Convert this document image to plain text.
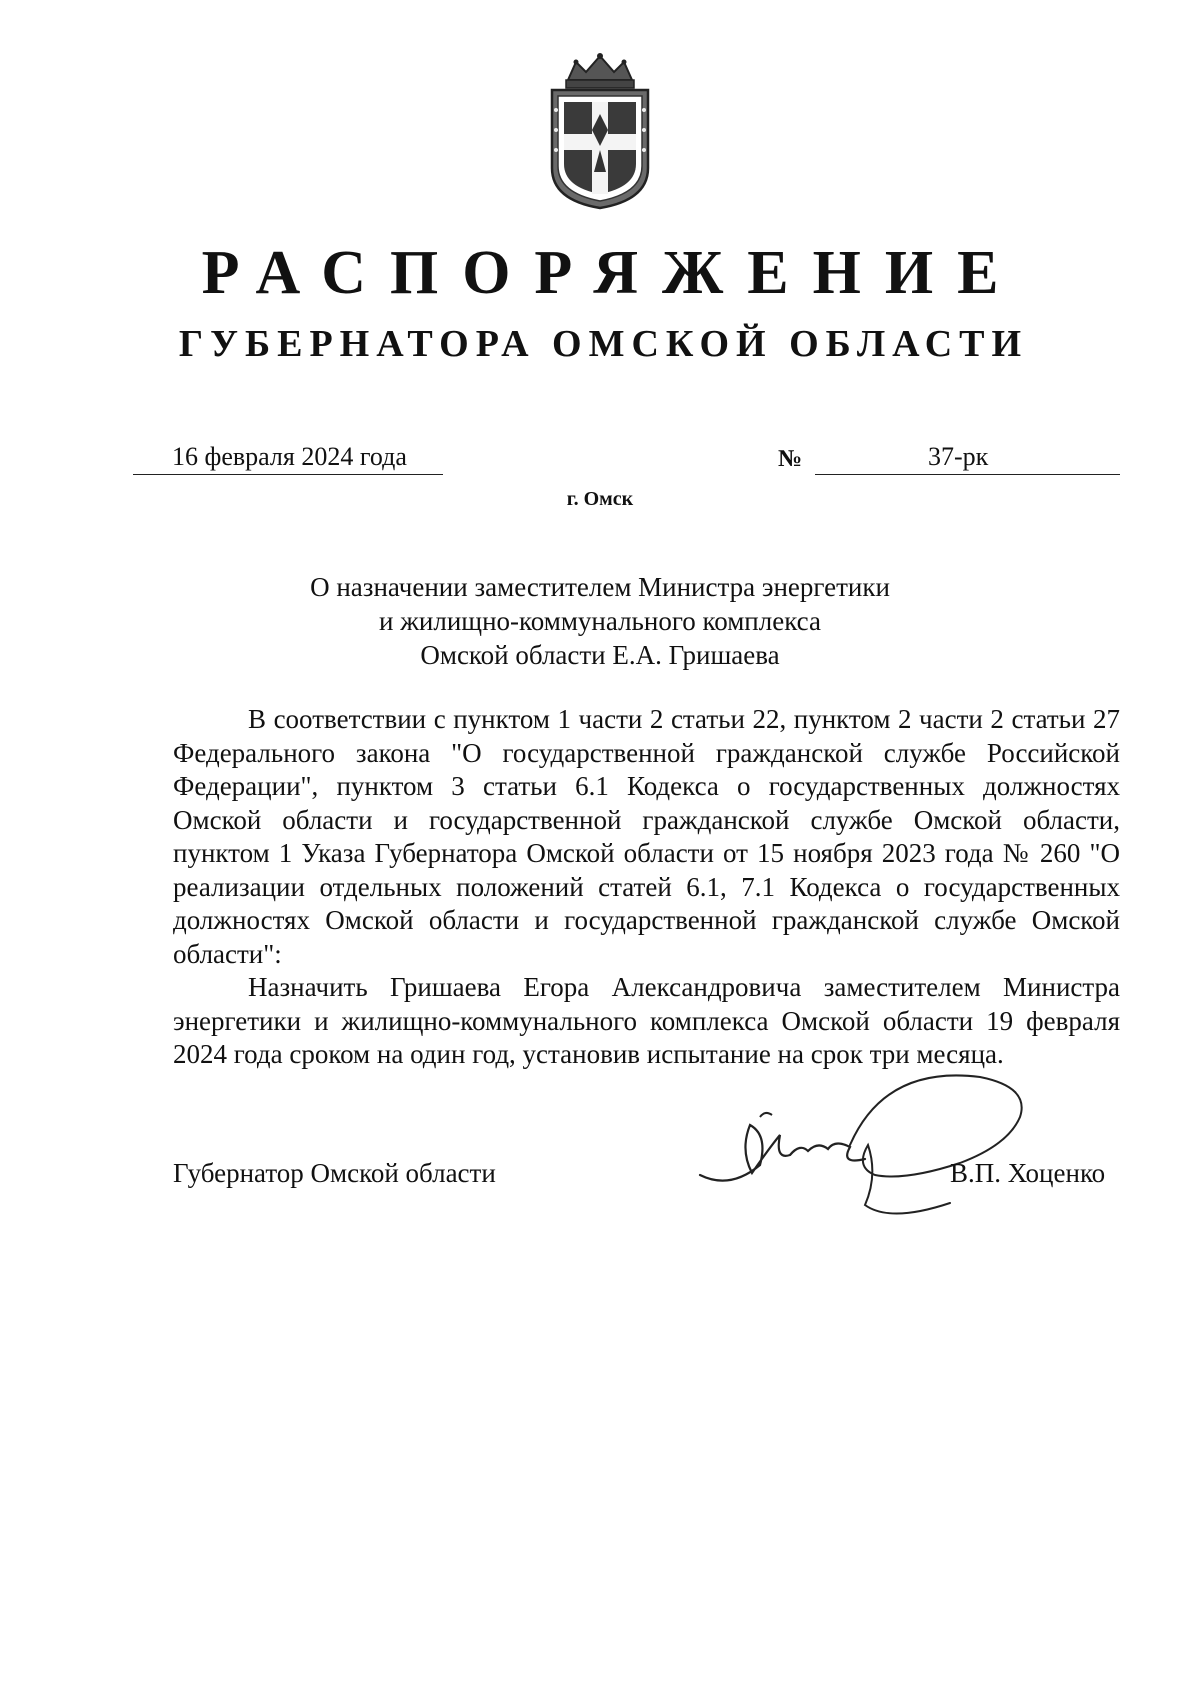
РАСПОРЯЖЕНИЕ
ГУБЕРНАТОРА ОМСКОЙ ОБЛАСТИ
16 февраля 2024 года	№	37-рк
г. Омск
О назначении заместителем Министра энергетики
и жилищно-коммунального комплекса
Омской области Е.А. Гришаева

В соответствии с пунктом 1 части 2 статьи 22, пунктом 2 части 2 статьи 27 Федерального закона "О государственной гражданской службе Российской Федерации", пунктом 3 статьи 6.1 Кодекса о государственных должностях Омской области и государственной гражданской службе Омской области, пунктом 1 Указа Губернатора Омской области от 15 ноября 2023 года № 260 "О реализации отдельных положений статей 6.1, 7.1 Кодекса о государственных должностях Омской области и государственной гражданской службе Омской области":

Назначить Гришаева Егора Александровича заместителем Министра энергетики и жилищно-коммунального комплекса Омской области 19 февраля 2024 года сроком на один год, установив испытание на срок три месяца.

Губернатор Омской области	В.П. Хоценко
